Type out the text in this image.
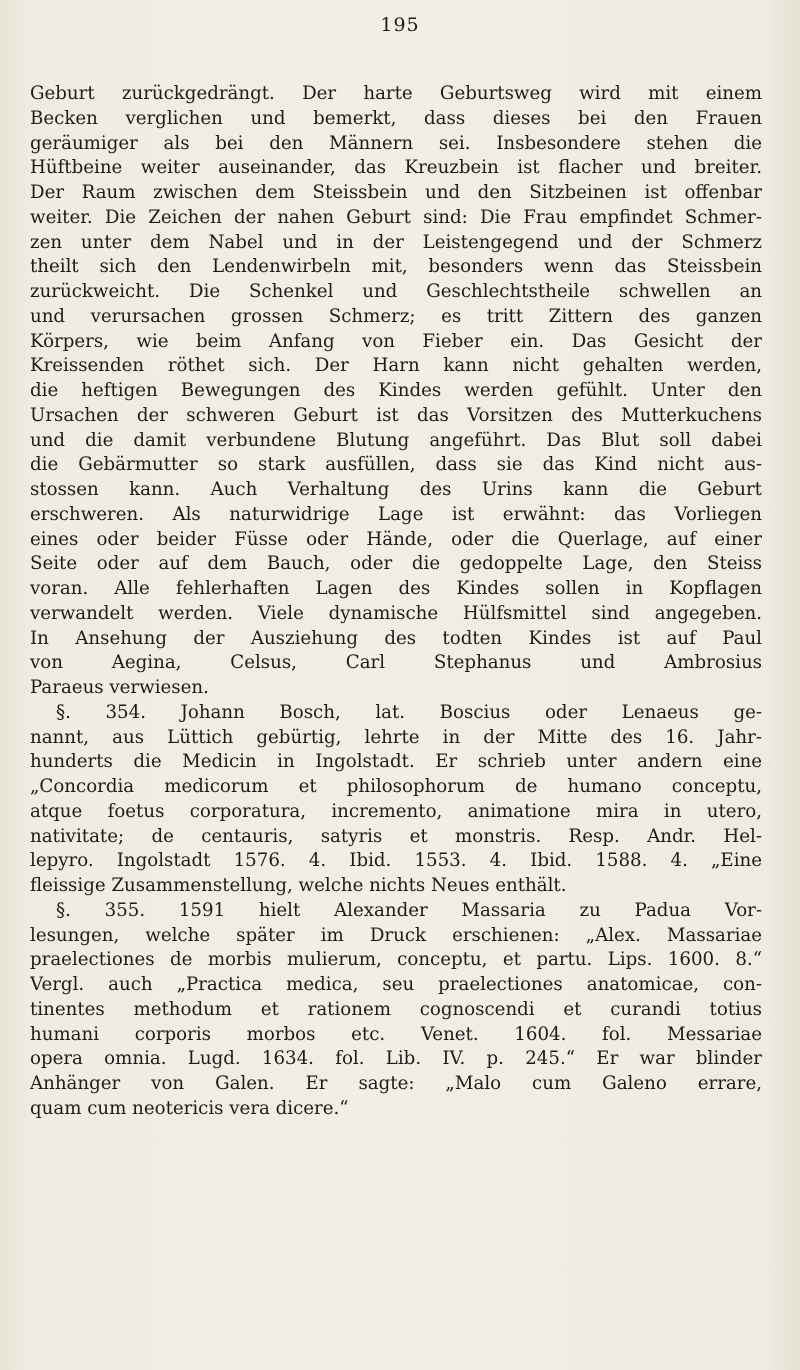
195
Geburt zurückgedrängt. Der harte Geburtsweg wird mit einem
Becken verglichen und bemerkt, dass dieses bei den Frauen
geräumiger als bei den Männern sei. Insbesondere stehen die
Hüftbeine weiter auseinander, das Kreuzbein ist flacher und breiter.
Der Raum zwischen dem Steissbein und den Sitzbeinen ist offenbar
weiter. Die Zeichen der nahen Geburt sind: Die Frau empfindet Schmer-
zen unter dem Nabel und in der Leistengegend und der Schmerz
theilt sich den Lendenwirbeln mit, besonders wenn das Steissbein
zurückweicht. Die Schenkel und Geschlechtstheile schwellen an
und verursachen grossen Schmerz; es tritt Zittern des ganzen
Körpers, wie beim Anfang von Fieber ein. Das Gesicht der
Kreissenden röthet sich. Der Harn kann nicht gehalten werden,
die heftigen Bewegungen des Kindes werden gefühlt. Unter den
Ursachen der schweren Geburt ist das Vorsitzen des Mutterkuchens
und die damit verbundene Blutung angeführt. Das Blut soll dabei
die Gebärmutter so stark ausfüllen, dass sie das Kind nicht aus-
stossen kann. Auch Verhaltung des Urins kann die Geburt
erschweren. Als naturwidrige Lage ist erwähnt: das Vorliegen
eines oder beider Füsse oder Hände, oder die Querlage, auf einer
Seite oder auf dem Bauch, oder die gedoppelte Lage, den Steiss
voran. Alle fehlerhaften Lagen des Kindes sollen in Kopflagen
verwandelt werden. Viele dynamische Hülfsmittel sind angegeben.
In Ansehung der Ausziehung des todten Kindes ist auf Paul
von Aegina, Celsus, Carl Stephanus und Ambrosius
Paraeus verwiesen.
§. 354. Johann Bosch, lat. Boscius oder Lenaeus ge-
nannt, aus Lüttich gebürtig, lehrte in der Mitte des 16. Jahr-
hunderts die Medicin in Ingolstadt. Er schrieb unter andern eine
„Concordia medicorum et philosophorum de humano conceptu,
atque foetus corporatura, incremento, animatione mira in utero,
nativitate; de centauris, satyris et monstris. Resp. Andr. Hel-
lepyro. Ingolstadt 1576. 4. Ibid. 1553. 4. Ibid. 1588. 4. „Eine
fleissige Zusammenstellung, welche nichts Neues enthält.
§. 355. 1591 hielt Alexander Massaria zu Padua Vor-
lesungen, welche später im Druck erschienen: „Alex. Massariae
praelectiones de morbis mulierum, conceptu, et partu. Lips. 1600. 8.“
Vergl. auch „Practica medica, seu praelectiones anatomicae, con-
tinentes methodum et rationem cognoscendi et curandi totius
humani corporis morbos etc. Venet. 1604. fol. Messariae
opera omnia. Lugd. 1634. fol. Lib. IV. p. 245.“ Er war blinder
Anhänger von Galen. Er sagte: „Malo cum Galeno errare,
quam cum neotericis vera dicere.“
